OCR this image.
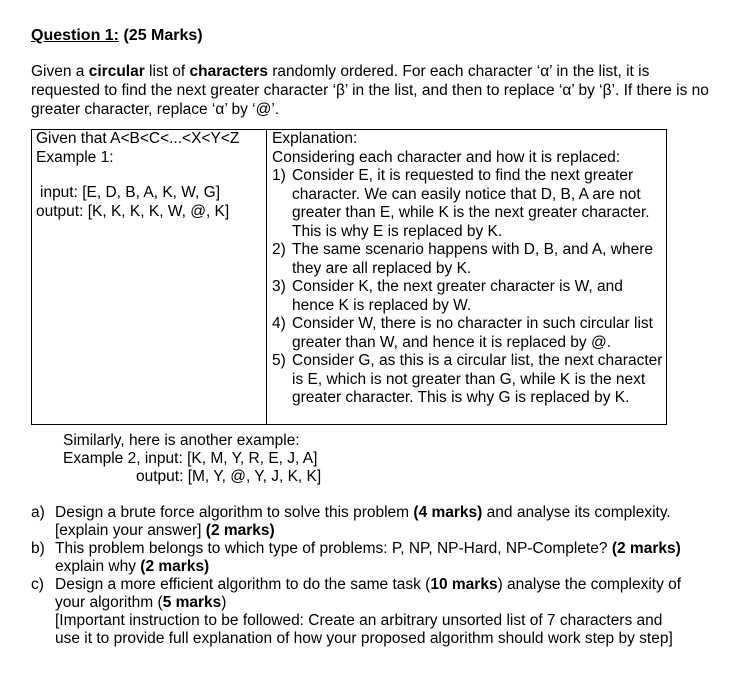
Question 1: (25 Marks)
Given a circular list of characters randomly ordered. For each character ‘α’ in the list, it is requested to find the next greater character ‘β’ in the list, and then to replace ‘α’ by ‘β’. If there is no greater character, replace ‘α’ by ‘@’.
Given that A<B<C<...<X<Y<Z
Example 1:
input: [E, D, B, A, K, W, G]
output: [K, K, K, K, W, @, K]
Explanation:
Considering each character and how it is replaced:
1) Consider E, it is requested to find the next greater character. We can easily notice that D, B, A are not greater than E, while K is the next greater character. This is why E is replaced by K.
2) The same scenario happens with D, B, and A, where they are all replaced by K.
3) Consider K, the next greater character is W, and hence K is replaced by W.
4) Consider W, there is no character in such circular list greater than W, and hence it is replaced by @.
5) Consider G, as this is a circular list, the next character is E, which is not greater than G, while K is the next greater character. This is why G is replaced by K.
Similarly, here is another example:
Example 2, input: [K, M, Y, R, E, J, A]
output: [M, Y, @, Y, J, K, K]
a) Design a brute force algorithm to solve this problem (4 marks) and analyse its complexity. [explain your answer] (2 marks)
b) This problem belongs to which type of problems: P, NP, NP-Hard, NP-Complete? (2 marks) explain why (2 marks)
c) Design a more efficient algorithm to do the same task (10 marks) analyse the complexity of your algorithm (5 marks)
[Important instruction to be followed: Create an arbitrary unsorted list of 7 characters and use it to provide full explanation of how your proposed algorithm should work step by step]
